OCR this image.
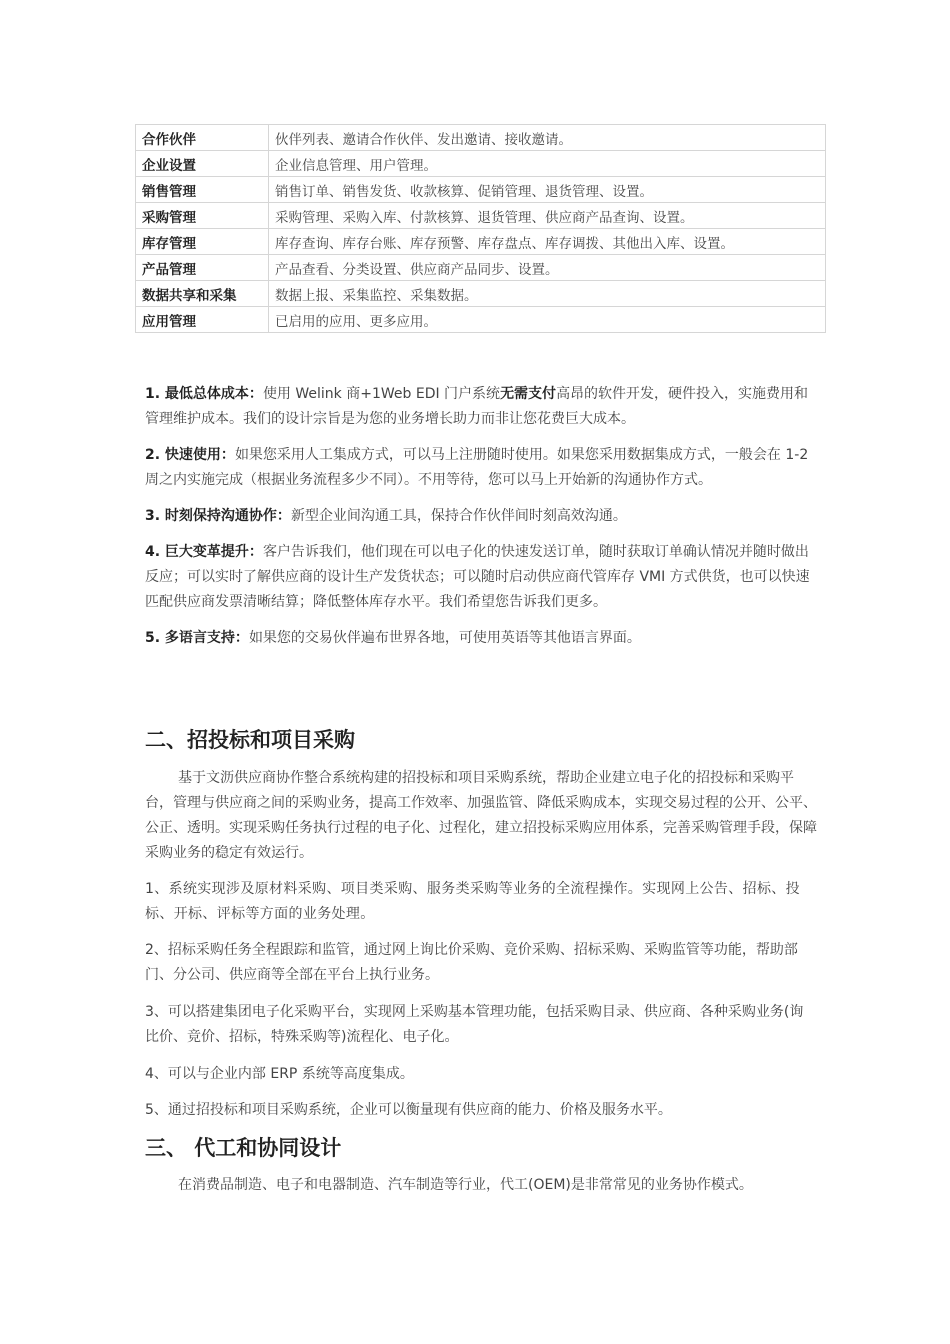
合作伙伴	伙伴列表、邀请合作伙伴、发出邀请、接收邀请。
企业设置	企业信息管理、用户管理。
销售管理	销售订单、销售发货、收款核算、促销管理、退货管理、设置。
采购管理	采购管理、采购入库、付款核算、退货管理、供应商产品查询、设置。
库存管理	库存查询、库存台账、库存预警、库存盘点、库存调拨、其他出入库、设置。
产品管理	产品查看、分类设置、供应商产品同步、设置。
数据共享和采集	数据上报、采集监控、采集数据。
应用管理	已启用的应用、更多应用。

1. 最低总体成本：使用 Welink 商+1Web EDI 门户系统无需支付高昂的软件开发，硬件投入，实施费用和管理维护成本。我们的设计宗旨是为您的业务增长助力而非让您花费巨大成本。

2. 快速使用：如果您采用人工集成方式，可以马上注册随时使用。如果您采用数据集成方式，一般会在 1-2 周之内实施完成（根据业务流程多少不同）。不用等待，您可以马上开始新的沟通协作方式。

3. 时刻保持沟通协作：新型企业间沟通工具，保持合作伙伴间时刻高效沟通。

4. 巨大变革提升：客户告诉我们，他们现在可以电子化的快速发送订单，随时获取订单确认情况并随时做出反应；可以实时了解供应商的设计生产发货状态；可以随时启动供应商代管库存 VMI 方式供货，也可以快速匹配供应商发票清晰结算；降低整体库存水平。我们希望您告诉我们更多。

5. 多语言支持：如果您的交易伙伴遍布世界各地，可使用英语等其他语言界面。

二、招投标和项目采购

基于文沥供应商协作整合系统构建的招投标和项目采购系统，帮助企业建立电子化的招投标和采购平台，管理与供应商之间的采购业务，提高工作效率、加强监管、降低采购成本，实现交易过程的公开、公平、公正、透明。实现采购任务执行过程的电子化、过程化，建立招投标采购应用体系，完善采购管理手段，保障采购业务的稳定有效运行。

1、系统实现涉及原材料采购、项目类采购、服务类采购等业务的全流程操作。实现网上公告、招标、投标、开标、评标等方面的业务处理。

2、招标采购任务全程跟踪和监管，通过网上询比价采购、竞价采购、招标采购、采购监管等功能，帮助部门、分公司、供应商等全部在平台上执行业务。

3、可以搭建集团电子化采购平台，实现网上采购基本管理功能，包括采购目录、供应商、各种采购业务(询比价、竞价、招标，特殊采购等)流程化、电子化。

4、可以与企业内部 ERP 系统等高度集成。

5、通过招投标和项目采购系统，企业可以衡量现有供应商的能力、价格及服务水平。

三、 代工和协同设计

在消费品制造、电子和电器制造、汽车制造等行业，代工(OEM)是非常常见的业务协作模式。
